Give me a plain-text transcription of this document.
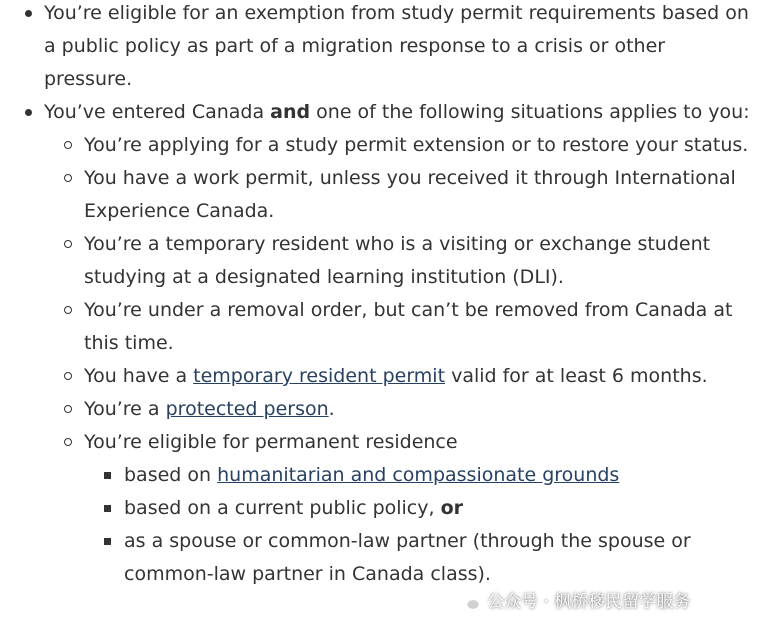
You’re eligible for an exemption from study permit requirements based on a public policy as part of a migration response to a crisis or other pressure.
You’ve entered Canada and one of the following situations applies to you:
You’re applying for a study permit extension or to restore your status.
You have a work permit, unless you received it through International Experience Canada.
You’re a temporary resident who is a visiting or exchange student studying at a designated learning institution (DLI).
You’re under a removal order, but can’t be removed from Canada at this time.
You have a temporary resident permit valid for at least 6 months.
You’re a protected person.
You’re eligible for permanent residence
based on humanitarian and compassionate grounds
based on a current public policy, or
as a spouse or common-law partner (through the spouse or common-law partner in Canada class).
公众号 · 枫桥移民留学服务
